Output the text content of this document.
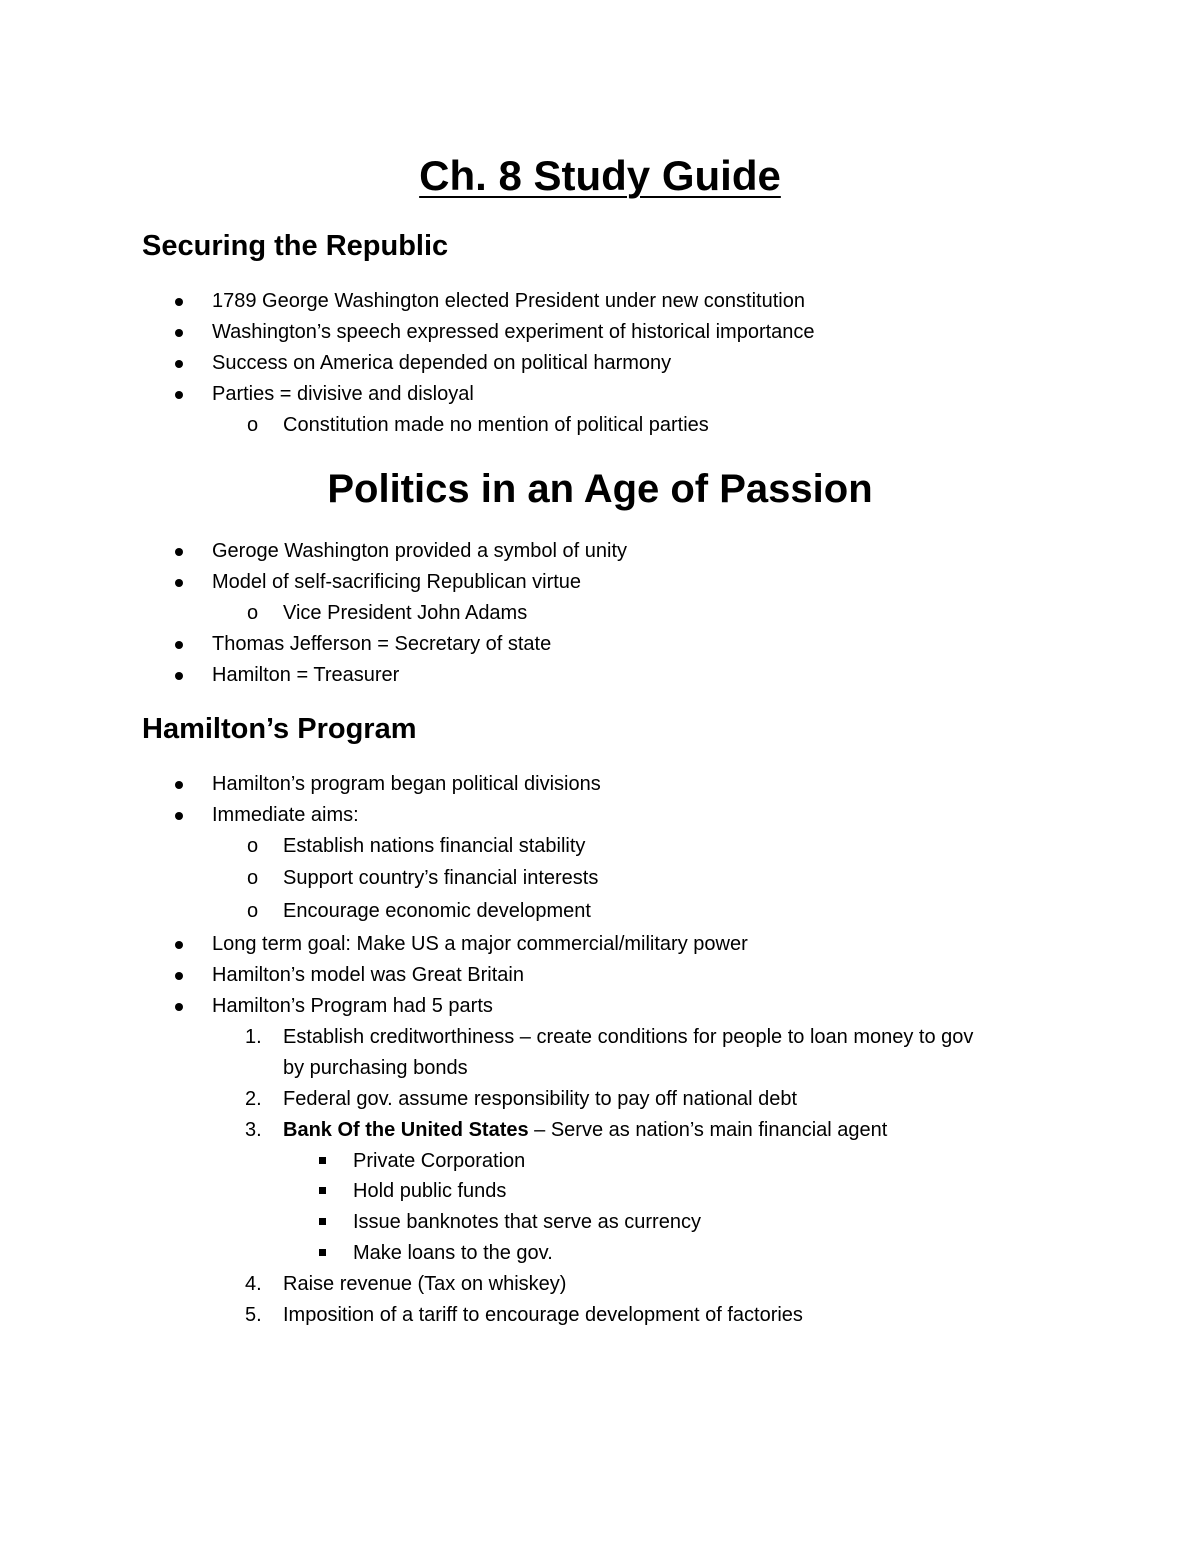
Ch. 8 Study Guide
Securing the Republic
1789 George Washington elected President under new constitution
Washington’s speech expressed experiment of historical importance
Success on America depended on political harmony
Parties = divisive and disloyal
o Constitution made no mention of political parties
Politics in an Age of Passion
Geroge Washington provided a symbol of unity
Model of self-sacrificing Republican virtue
o Vice President John Adams
Thomas Jefferson = Secretary of state
Hamilton = Treasurer
Hamilton’s Program
Hamilton’s program began political divisions
Immediate aims:
o Establish nations financial stability
o Support country’s financial interests
o Encourage economic development
Long term goal: Make US a major commercial/military power
Hamilton’s model was Great Britain
Hamilton’s Program had 5 parts
1. Establish creditworthiness – create conditions for people to loan money to gov
by purchasing bonds
2. Federal gov. assume responsibility to pay off national debt
3. Bank Of the United States – Serve as nation’s main financial agent
Private Corporation
Hold public funds
Issue banknotes that serve as currency
Make loans to the gov.
4. Raise revenue (Tax on whiskey)
5. Imposition of a tariff to encourage development of factories
